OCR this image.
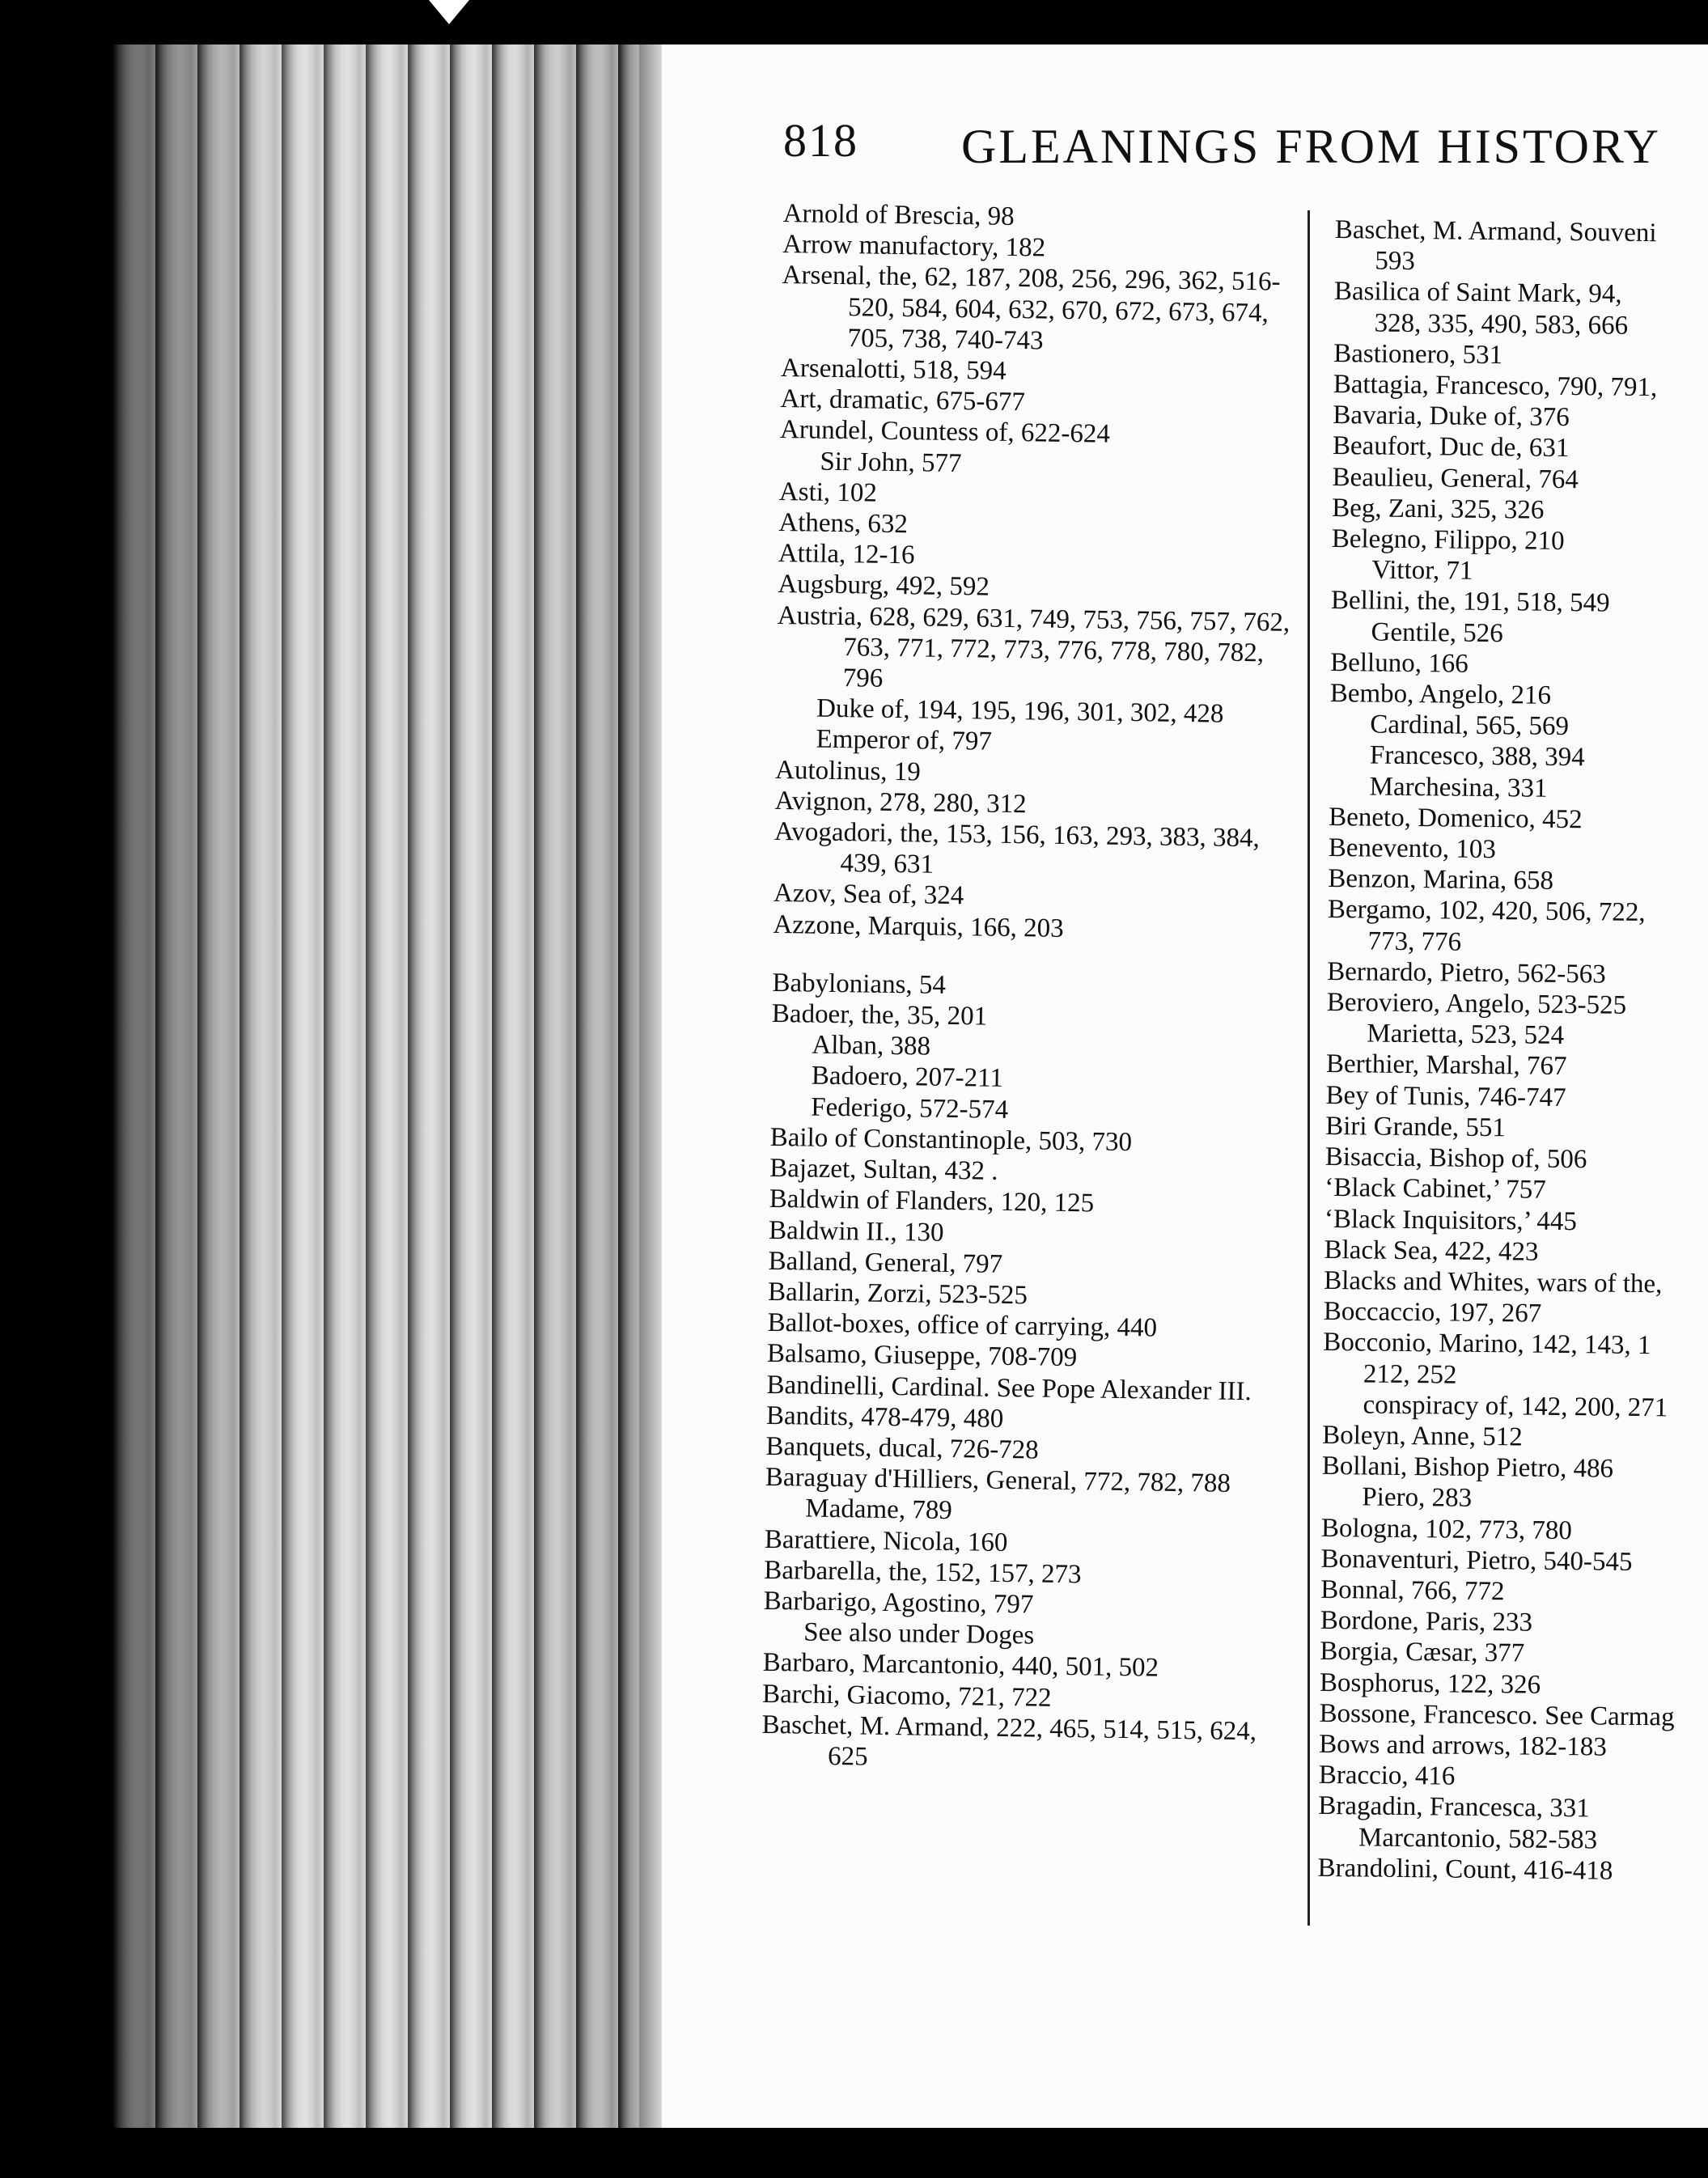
818 GLEANINGS FROM HISTORY
Arnold of Brescia, 98
Arrow manufactory, 182
Arsenal, the, 62, 187, 208, 256, 296, 362, 516-520, 584, 604, 632, 670, 672, 673, 674, 705, 738, 740-743
Arsenalotti, 518, 594
Art, dramatic, 675-677
Arundel, Countess of, 622-624
Sir John, 577
Asti, 102
Athens, 632
Attila, 12-16
Augsburg, 492, 592
Austria, 628, 629, 631, 749, 753, 756, 757, 762, 763, 771, 772, 773, 776, 778, 780, 782, 796
Duke of, 194, 195, 196, 301, 302, 428
Emperor of, 797
Autolinus, 19
Avignon, 278, 280, 312
Avogadori, the, 153, 156, 163, 293, 383, 384, 439, 631
Azov, Sea of, 324
Azzone, Marquis, 166, 203
Babylonians, 54
Badoer, the, 35, 201
Alban, 388
Badoero, 207-211
Federigo, 572-574
Bailo of Constantinople, 503, 730
Bajazet, Sultan, 432 .
Baldwin of Flanders, 120, 125
Baldwin II., 130
Balland, General, 797
Ballarin, Zorzi, 523-525
Ballot-boxes, office of carrying, 440
Balsamo, Giuseppe, 708-709
Bandinelli, Cardinal. See Pope Alexander III.
Bandits, 478-479, 480
Banquets, ducal, 726-728
Baraguay d'Hilliers, General, 772, 782, 788
Madame, 789
Barattiere, Nicola, 160
Barbarella, the, 152, 157, 273
Barbarigo, Agostino, 797
See also under Doges
Barbaro, Marcantonio, 440, 501, 502
Barchi, Giacomo, 721, 722
Baschet, M. Armand, 222, 465, 514, 515, 624, 625
Baschet, M. Armand, Souveni
593
Basilica of Saint Mark, 94,
328, 335, 490, 583, 666
Bastionero, 531
Battagia, Francesco, 790, 791,
Bavaria, Duke of, 376
Beaufort, Duc de, 631
Beaulieu, General, 764
Beg, Zani, 325, 326
Belegno, Filippo, 210
Vittor, 71
Bellini, the, 191, 518, 549
Gentile, 526
Belluno, 166
Bembo, Angelo, 216
Cardinal, 565, 569
Francesco, 388, 394
Marchesina, 331
Beneto, Domenico, 452
Benevento, 103
Benzon, Marina, 658
Bergamo, 102, 420, 506, 722,
773, 776
Bernardo, Pietro, 562-563
Beroviero, Angelo, 523-525
Marietta, 523, 524
Berthier, Marshal, 767
Bey of Tunis, 746-747
Biri Grande, 551
Bisaccia, Bishop of, 506
‘Black Cabinet,’ 757
‘Black Inquisitors,’ 445
Black Sea, 422, 423
Blacks and Whites, wars of the,
Boccaccio, 197, 267
Bocconio, Marino, 142, 143, 1
212, 252
conspiracy of, 142, 200, 271
Boleyn, Anne, 512
Bollani, Bishop Pietro, 486
Piero, 283
Bologna, 102, 773, 780
Bonaventuri, Pietro, 540-545
Bonnal, 766, 772
Bordone, Paris, 233
Borgia, Cæsar, 377
Bosphorus, 122, 326
Bossone, Francesco. See Carmag
Bows and arrows, 182-183
Braccio, 416
Bragadin, Francesca, 331
Marcantonio, 582-583
Brandolini, Count, 416-418
